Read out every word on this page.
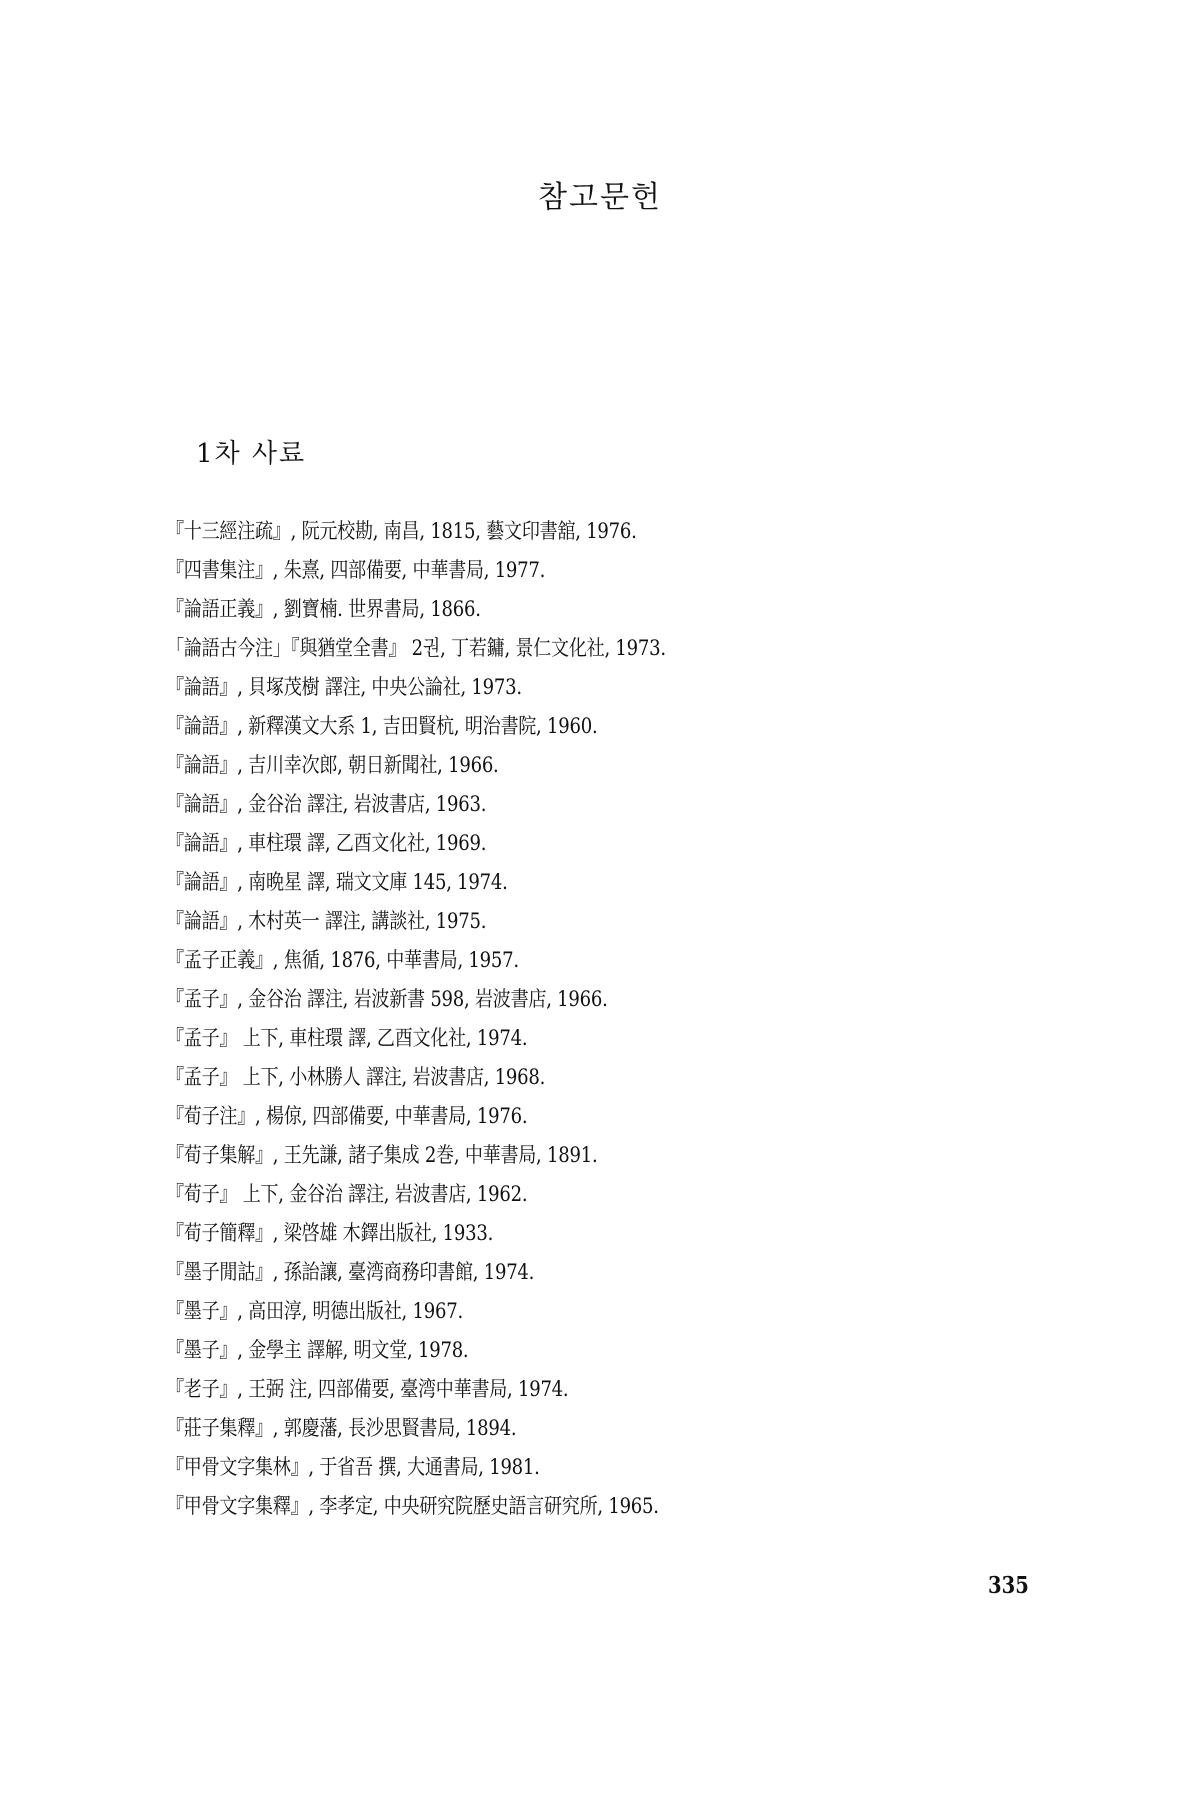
참고문헌
1차 사료
『十三經注疏』, 阮元校勘, 南昌, 1815, 藝文印書舘, 1976.
『四書集注』, 朱熹, 四部備要, 中華書局, 1977.
『論語正義』, 劉寶楠. 世界書局, 1866.
「論語古今注」『與猶堂全書』 2권, 丁若鏞, 景仁文化社, 1973.
『論語』, 貝塚茂樹 譯注, 中央公論社, 1973.
『論語』, 新釋漢文大系 1, 吉田賢杭, 明治書院, 1960.
『論語』, 吉川幸次郎, 朝日新聞社, 1966.
『論語』, 金谷治 譯注, 岩波書店, 1963.
『論語』, 車柱環 譯, 乙酉文化社, 1969.
『論語』, 南晩星 譯, 瑞文文庫 145, 1974.
『論語』, 木村英一 譯注, 講談社, 1975.
『孟子正義』, 焦循, 1876, 中華書局, 1957.
『孟子』, 金谷治 譯注, 岩波新書 598, 岩波書店, 1966.
『孟子』 上下, 車柱環 譯, 乙酉文化社, 1974.
『孟子』 上下, 小林勝人 譯注, 岩波書店, 1968.
『荀子注』, 楊倞, 四部備要, 中華書局, 1976.
『荀子集解』, 王先謙, 諸子集成 2巻, 中華書局, 1891.
『荀子』 上下, 金谷治 譯注, 岩波書店, 1962.
『荀子簡釋』, 梁啓雄 木鐸出版社, 1933.
『墨子閒詁』, 孫詒讓, 臺湾商務印書館, 1974.
『墨子』, 高田淳, 明德出版社, 1967.
『墨子』, 金學主 譯解, 明文堂, 1978.
『老子』, 王弼 注, 四部備要, 臺湾中華書局, 1974.
『莊子集釋』, 郭慶藩, 長沙思賢書局, 1894.
『甲骨文字集林』, 于省吾 撰, 大通書局, 1981.
『甲骨文字集釋』, 李孝定, 中央研究院歷史語言研究所, 1965.
335
